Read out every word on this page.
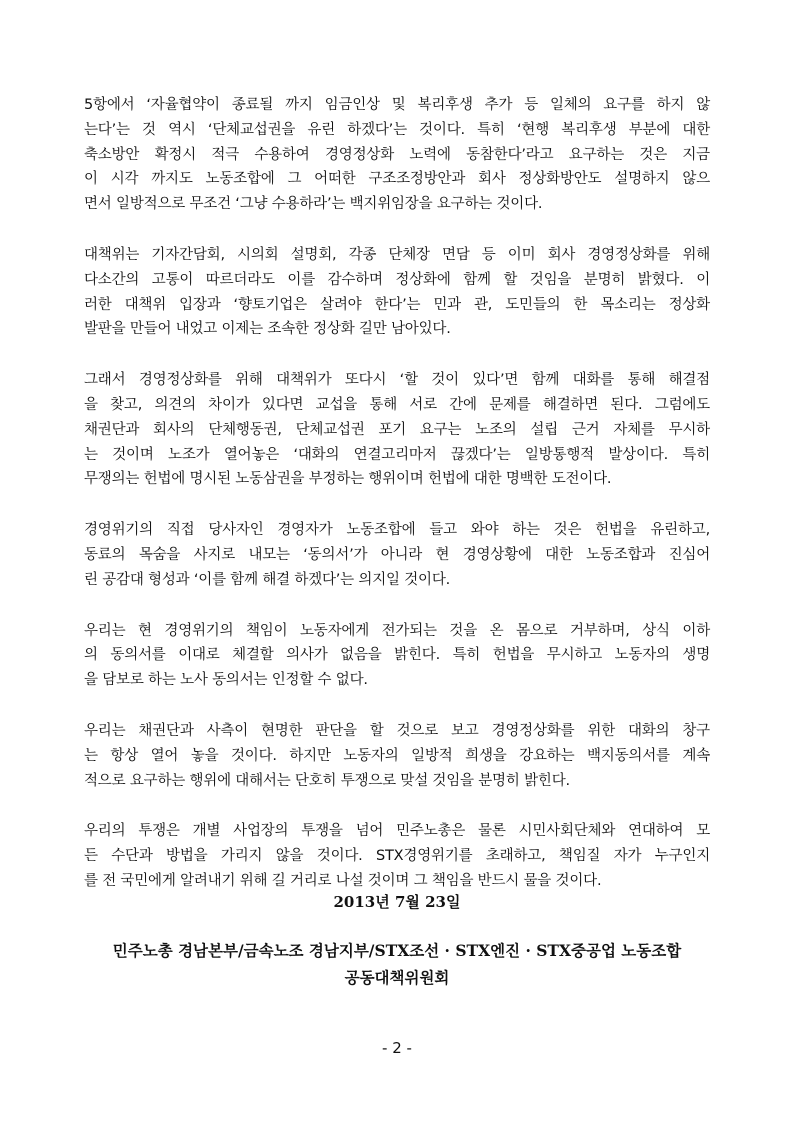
5항에서 ‘자율협약이 종료될 까지 임금인상 및 복리후생 추가 등 일체의 요구를 하지 않
는다’는 것 역시 ‘단체교섭권을 유린 하겠다’는 것이다. 특히 ‘현행 복리후생 부분에 대한
축소방안 확정시 적극 수용하여 경영정상화 노력에 동참한다’라고 요구하는 것은 지금
이 시각 까지도 노동조합에 그 어떠한 구조조정방안과 회사 정상화방안도 설명하지 않으
면서 일방적으로 무조건 ‘그냥 수용하라’는 백지위임장을 요구하는 것이다.
대책위는 기자간담회, 시의회 설명회, 각종 단체장 면담 등 이미 회사 경영정상화를 위해
다소간의 고통이 따르더라도 이를 감수하며 정상화에 함께 할 것임을 분명히 밝혔다. 이
러한 대책위 입장과 ‘향토기업은 살려야 한다’는 민과 관, 도민들의 한 목소리는 정상화
발판을 만들어 내었고 이제는 조속한 정상화 길만 남아있다.
그래서 경영정상화를 위해 대책위가 또다시 ‘할 것이 있다’면 함께 대화를 통해 해결점
을 찾고, 의견의 차이가 있다면 교섭을 통해 서로 간에 문제를 해결하면 된다. 그럼에도
채권단과 회사의 단체행동권, 단체교섭권 포기 요구는 노조의 설립 근거 자체를 무시하
는 것이며 노조가 열어놓은 ‘대화의 연결고리마저 끊겠다’는 일방통행적 발상이다. 특히
무쟁의는 헌법에 명시된 노동삼권을 부정하는 행위이며 헌법에 대한 명백한 도전이다.
경영위기의 직접 당사자인 경영자가 노동조합에 들고 와야 하는 것은 헌법을 유린하고,
동료의 목숨을 사지로 내모는 ‘동의서’가 아니라 현 경영상황에 대한 노동조합과 진심어
린 공감대 형성과 ‘이를 함께 해결 하겠다’는 의지일 것이다.
우리는 현 경영위기의 책임이 노동자에게 전가되는 것을 온 몸으로 거부하며, 상식 이하
의 동의서를 이대로 체결할 의사가 없음을 밝힌다. 특히 헌법을 무시하고 노동자의 생명
을 담보로 하는 노사 동의서는 인정할 수 없다.
우리는 채권단과 사측이 현명한 판단을 할 것으로 보고 경영정상화를 위한 대화의 창구
는 항상 열어 놓을 것이다. 하지만 노동자의 일방적 희생을 강요하는 백지동의서를 계속
적으로 요구하는 행위에 대해서는 단호히 투쟁으로 맞설 것임을 분명히 밝힌다.
우리의 투쟁은 개별 사업장의 투쟁을 넘어 민주노총은 물론 시민사회단체와 연대하여 모
든 수단과 방법을 가리지 않을 것이다. STX경영위기를 초래하고, 책임질 자가 누구인지
를 전 국민에게 알려내기 위해 길 거리로 나설 것이며 그 책임을 반드시 물을 것이다.
2013년 7월 23일
민주노총 경남본부/금속노조 경남지부/STX조선 · STX엔진 · STX중공업 노동조합
공동대책위원회
- 2 -
